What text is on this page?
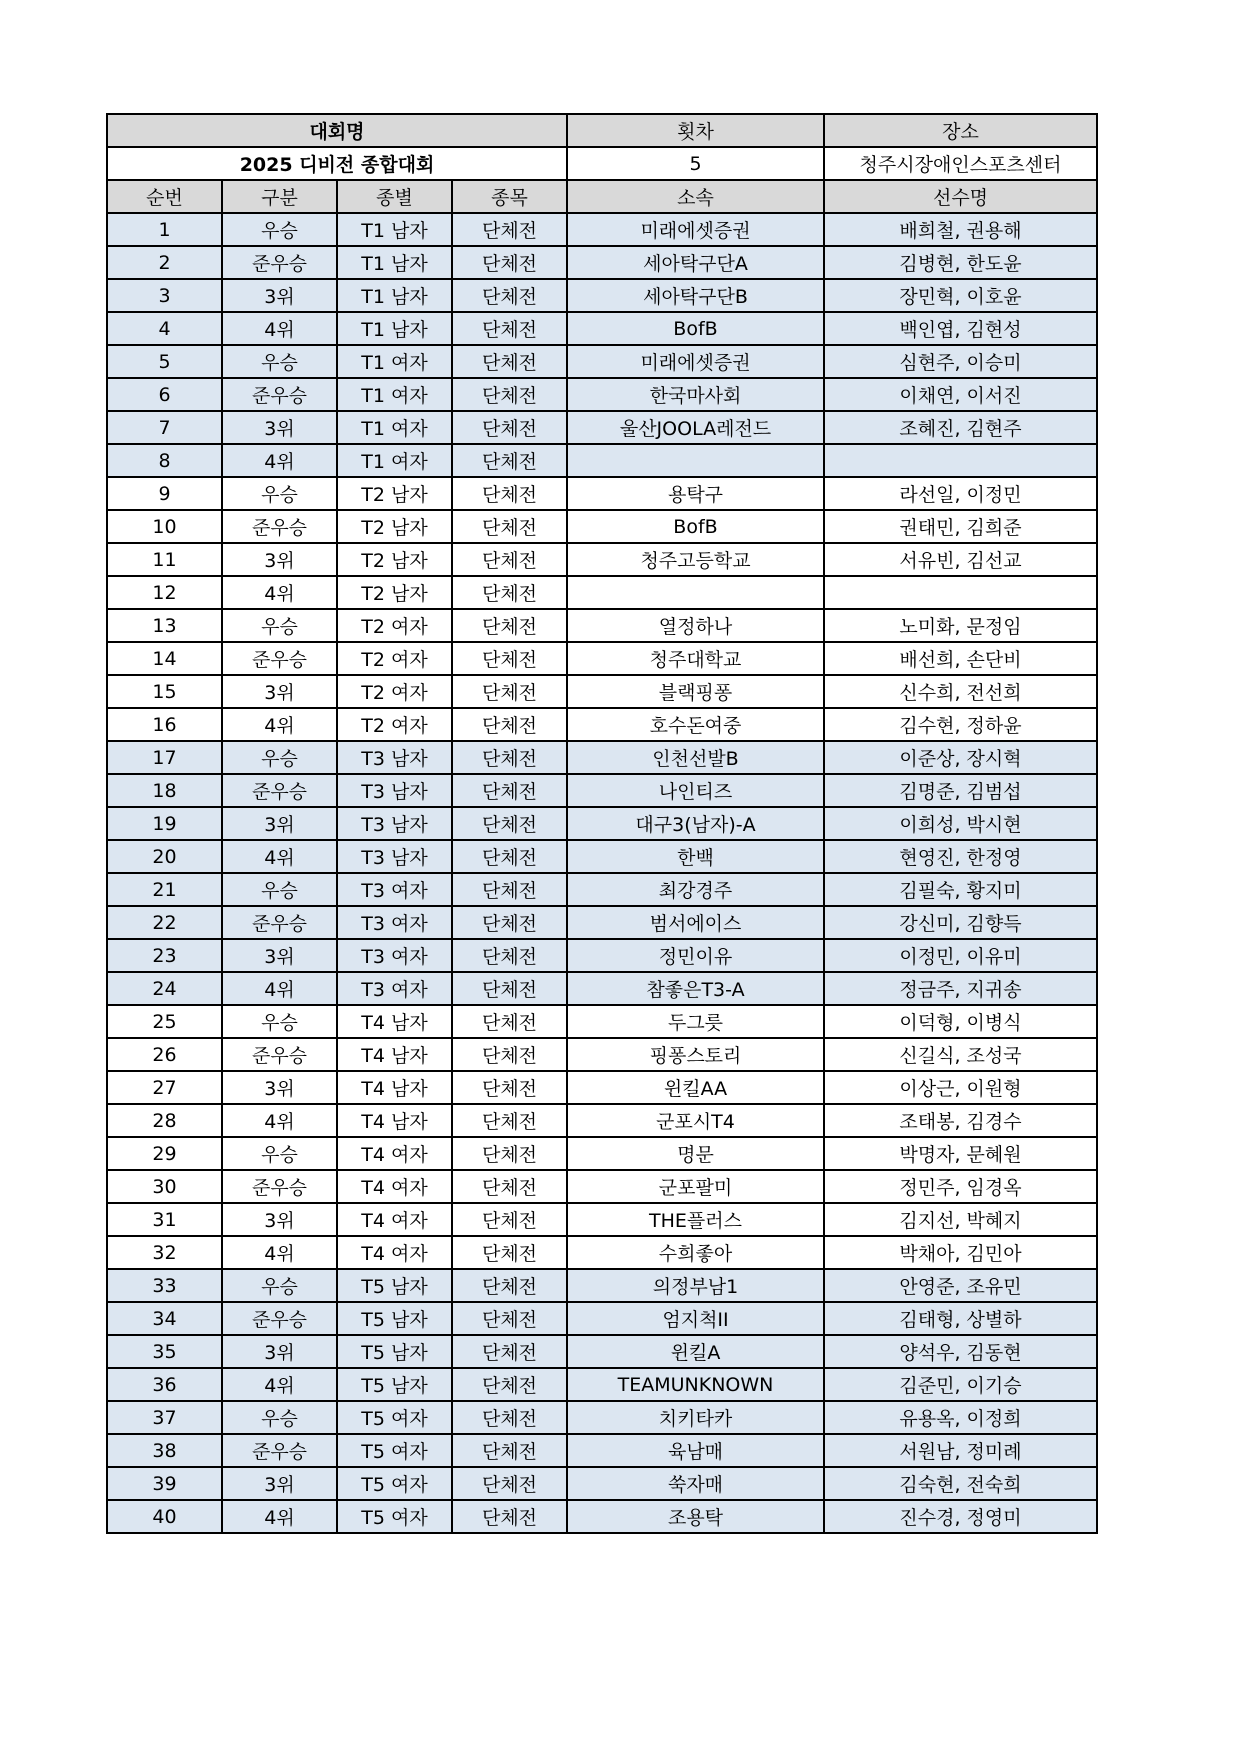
대회명				횟차	장소
2025 디비전 종합대회				5	청주시장애인스포츠센터
순번	구분	종별	종목	소속	선수명
1	우승	T1 남자	단체전	미래에셋증권	배희철, 권용해
2	준우승	T1 남자	단체전	세아탁구단A	김병현, 한도윤
3	3위	T1 남자	단체전	세아탁구단B	장민혁, 이호윤
4	4위	T1 남자	단체전	BofB	백인엽, 김현성
5	우승	T1 여자	단체전	미래에셋증권	심현주, 이승미
6	준우승	T1 여자	단체전	한국마사회	이채연, 이서진
7	3위	T1 여자	단체전	울산JOOLA레전드	조혜진, 김현주
8	4위	T1 여자	단체전		
9	우승	T2 남자	단체전	용탁구	라선일, 이정민
10	준우승	T2 남자	단체전	BofB	권태민, 김희준
11	3위	T2 남자	단체전	청주고등학교	서유빈, 김선교
12	4위	T2 남자	단체전		
13	우승	T2 여자	단체전	열정하나	노미화, 문정임
14	준우승	T2 여자	단체전	청주대학교	배선희, 손단비
15	3위	T2 여자	단체전	블랙핑퐁	신수희, 전선희
16	4위	T2 여자	단체전	호수돈여중	김수현, 정하윤
17	우승	T3 남자	단체전	인천선발B	이준상, 장시혁
18	준우승	T3 남자	단체전	나인티즈	김명준, 김범섭
19	3위	T3 남자	단체전	대구3(남자)-A	이희성, 박시현
20	4위	T3 남자	단체전	한백	현영진, 한정영
21	우승	T3 여자	단체전	최강경주	김필숙, 황지미
22	준우승	T3 여자	단체전	범서에이스	강신미, 김향득
23	3위	T3 여자	단체전	정민이유	이정민, 이유미
24	4위	T3 여자	단체전	참좋은T3-A	정금주, 지귀송
25	우승	T4 남자	단체전	두그릇	이덕형, 이병식
26	준우승	T4 남자	단체전	핑퐁스토리	신길식, 조성국
27	3위	T4 남자	단체전	윈킬AA	이상근, 이원형
28	4위	T4 남자	단체전	군포시T4	조태봉, 김경수
29	우승	T4 여자	단체전	명문	박명자, 문혜원
30	준우승	T4 여자	단체전	군포팔미	정민주, 임경옥
31	3위	T4 여자	단체전	THE플러스	김지선, 박혜지
32	4위	T4 여자	단체전	수희좋아	박채아, 김민아
33	우승	T5 남자	단체전	의정부남1	안영준, 조유민
34	준우승	T5 남자	단체전	엄지척II	김태형, 상별하
35	3위	T5 남자	단체전	윈킬A	양석우, 김동현
36	4위	T5 남자	단체전	TEAMUNKNOWN	김준민, 이기승
37	우승	T5 여자	단체전	치키타카	유용옥, 이정희
38	준우승	T5 여자	단체전	육남매	서원남, 정미례
39	3위	T5 여자	단체전	쑥자매	김숙현, 전숙희
40	4위	T5 여자	단체전	조용탁	진수경, 정영미
